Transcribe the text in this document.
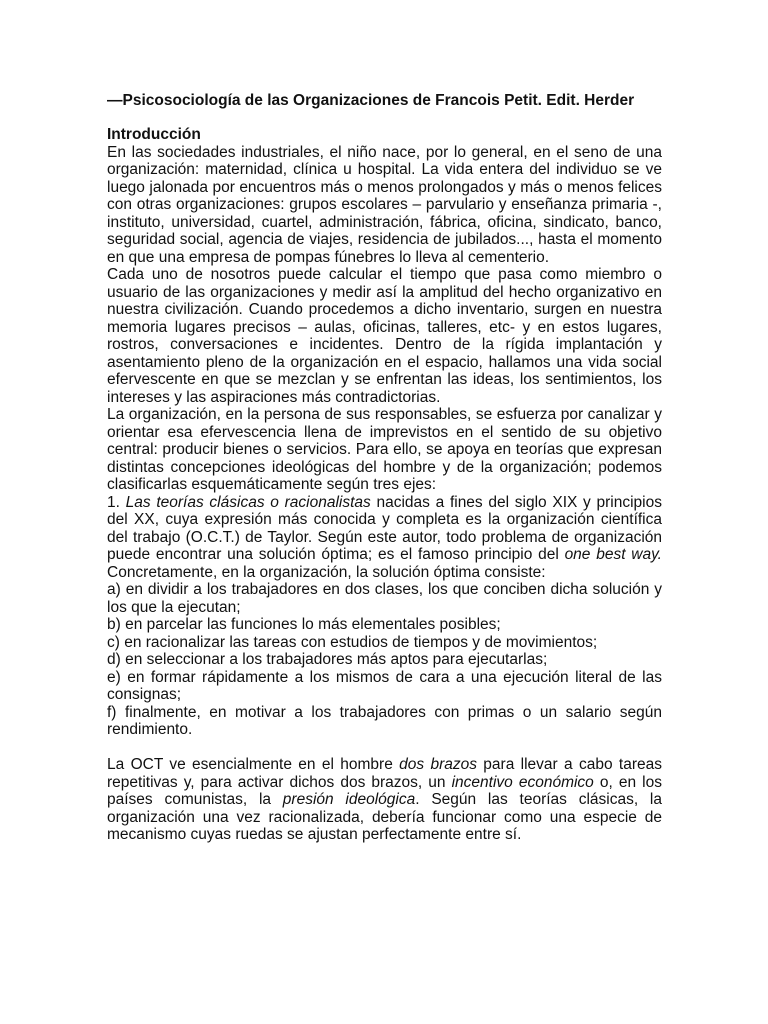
—Psicosociología de las Organizaciones de Francois Petit. Edit. Herder

Introducción

En las sociedades industriales, el niño nace, por lo general, en el seno de una organización: maternidad, clínica u hospital. La vida entera del individuo se ve luego jalonada por encuentros más o menos prolongados y más o menos felices con otras organizaciones: grupos escolares – parvulario y enseñanza primaria -, instituto, universidad, cuartel, administración, fábrica, oficina, sindicato, banco, seguridad social, agencia de viajes, residencia de jubilados..., hasta el momento en que una empresa de pompas fúnebres lo lleva al cementerio.

Cada uno de nosotros puede calcular el tiempo que pasa como miembro o usuario de las organizaciones y medir así la amplitud del hecho organizativo en nuestra civilización. Cuando procedemos a dicho inventario, surgen en nuestra memoria lugares precisos – aulas, oficinas, talleres, etc- y en estos lugares, rostros, conversaciones e incidentes. Dentro de la rígida implantación y asentamiento pleno de la organización en el espacio, hallamos una vida social efervescente en que se mezclan y se enfrentan las ideas, los sentimientos, los intereses y las aspiraciones más contradictorias.

La organización, en la persona de sus responsables, se esfuerza por canalizar y orientar esa efervescencia llena de imprevistos en el sentido de su objetivo central: producir bienes o servicios. Para ello, se apoya en teorías que expresan distintas concepciones ideológicas del hombre y de la organización; podemos clasificarlas esquemáticamente según tres ejes:

1. Las teorías clásicas o racionalistas nacidas a fines del siglo XIX y principios del XX, cuya expresión más conocida y completa es la organización científica del trabajo (O.C.T.) de Taylor. Según este autor, todo problema de organización puede encontrar una solución óptima; es el famoso principio del one best way. Concretamente, en la organización, la solución óptima consiste:

a) en dividir a los trabajadores en dos clases, los que conciben dicha solución y los que la ejecutan;

b) en parcelar las funciones lo más elementales posibles;

c) en racionalizar las tareas con estudios de tiempos y de movimientos;

d) en seleccionar a los trabajadores más aptos para ejecutarlas;

e) en formar rápidamente a los mismos de cara a una ejecución literal de las consignas;

f) finalmente, en motivar a los trabajadores con primas o un salario según rendimiento.

La OCT ve esencialmente en el hombre dos brazos para llevar a cabo tareas repetitivas y, para activar dichos dos brazos, un incentivo económico o, en los países comunistas, la presión ideológica. Según las teorías clásicas, la organización una vez racionalizada, debería funcionar como una especie de mecanismo cuyas ruedas se ajustan perfectamente entre sí.
